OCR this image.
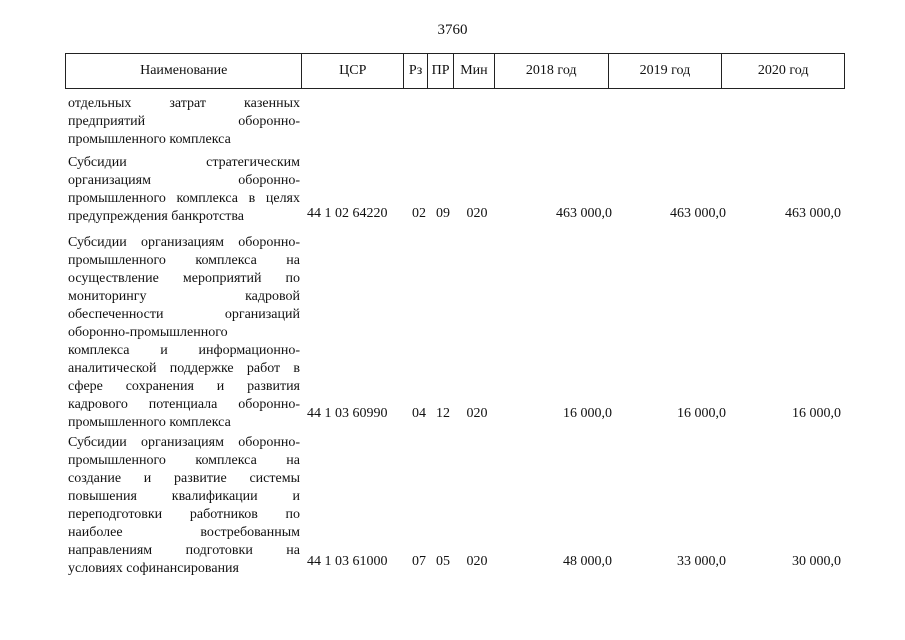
3760
Наименование	ЦСР	Рз ПР Мин	2018 год	2019 год	2020 год
отдельных затрат казенных
предприятий оборонно-
промышленного комплекса
Субсидии стратегическим
организациям оборонно-
промышленного комплекса в целях
предупреждения банкротства	44 1 02 64220	02 09	020	463 000,0	463 000,0	463 000,0
Субсидии организациям оборонно-
промышленного комплекса на
осуществление мероприятий по
мониторингу кадровой
обеспеченности организаций
оборонно-промышленного
комплекса и информационно-
аналитической поддержке работ в
сфере сохранения и развития
кадрового потенциала оборонно-
промышленного комплекса
44 1 03 60990	04 12	020	16 000,0	16 000,0	16 000,0
Субсидии организациям оборонно-
промышленного комплекса на
создание и развитие системы
повышения квалификации и
переподготовки работников по
наиболее востребованным
направлениям подготовки на
условиях софинансирования	44 1 03 61000	07 05	020	48 000,0	33 000,0	30 000,0
